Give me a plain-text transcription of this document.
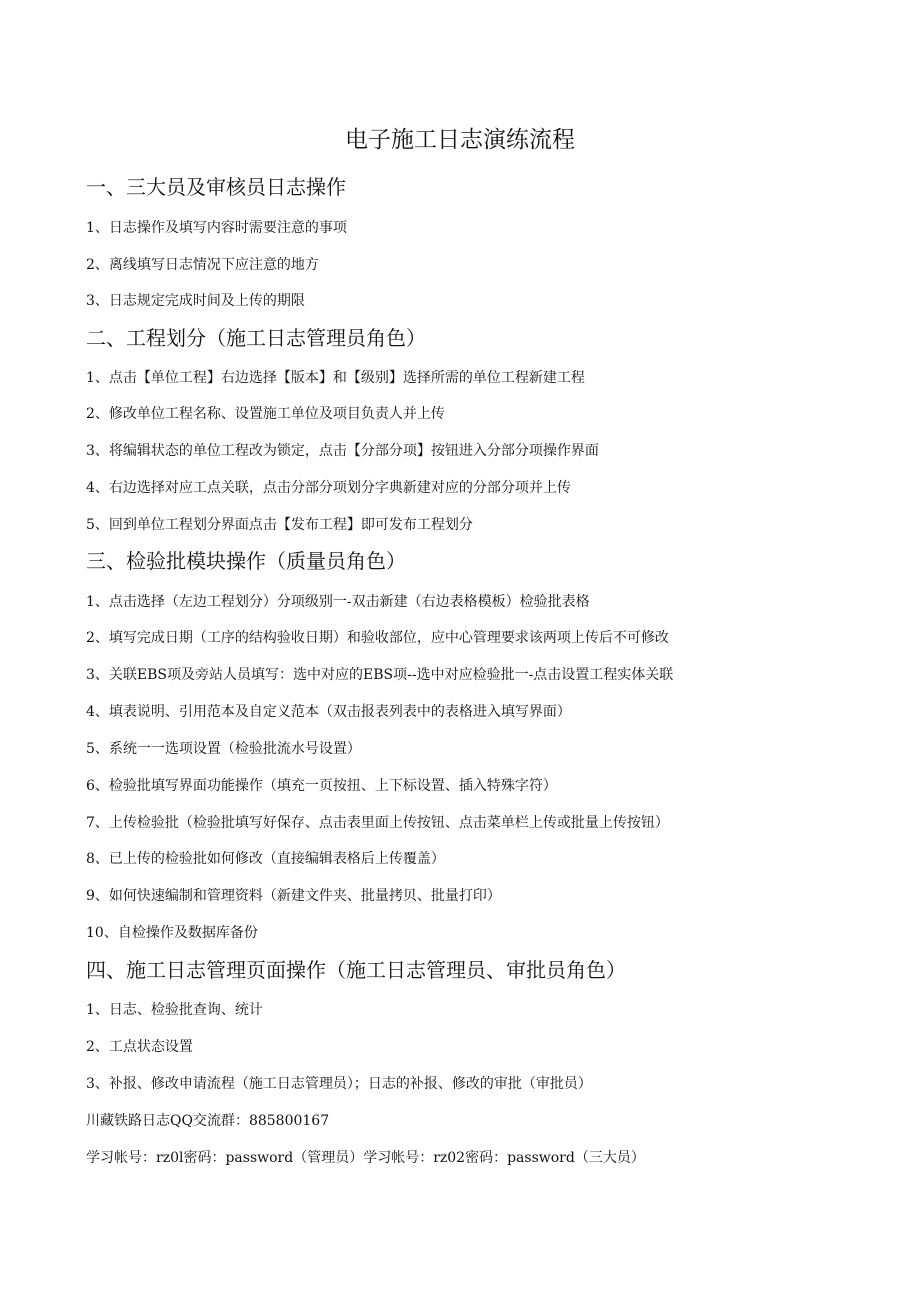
电子施工日志演练流程
一、三大员及审核员日志操作

1、日志操作及填写内容时需要注意的事项

2、离线填写日志情况下应注意的地方

3、日志规定完成时间及上传的期限

二、工程划分（施工日志管理员角色）

1、点击【单位工程】右边选择【版本】和【级别】选择所需的单位工程新建工程

2、修改单位工程名称、设置施工单位及项目负责人并上传

3、将编辑状态的单位工程改为锁定，点击【分部分项】按钮进入分部分项操作界面

4、右边选择对应工点关联，点击分部分项划分字典新建对应的分部分项并上传

5、回到单位工程划分界面点击【发布工程】即可发布工程划分

三、检验批模块操作（质量员角色）

1、点击选择（左边工程划分）分项级别一-双击新建（右边表格模板）检验批表格

2、填写完成日期（工序的结构验收日期）和验收部位，应中心管理要求该两项上传后不可修改

3、关联EBS项及旁站人员填写：选中对应的EBS项--选中对应检验批一-点击设置工程实体关联

4、填表说明、引用范本及自定义范本（双击报表列表中的表格进入填写界面）

5、系统一一选项设置（检验批流水号设置）

6、检验批填写界面功能操作（填充一页按扭、上下标设置、插入特殊字符）

7、上传检验批（检验批填写好保存、点击表里面上传按钮、点击菜单栏上传或批量上传按钮）

8、已上传的检验批如何修改（直接编辑表格后上传覆盖）

9、如何快速编制和管理资料（新建文件夹、批量拷贝、批量打印）

10、自检操作及数据库备份

四、施工日志管理页面操作（施工日志管理员、审批员角色）

1、日志、检验批查询、统计

2、工点状态设置

3、补报、修改申请流程（施工日志管理员）；日志的补报、修改的审批（审批员）

川藏铁路日志QQ交流群：885800167

学习帐号：rz0l密码：password（管理员）学习帐号：rz02密码：password（三大员）
